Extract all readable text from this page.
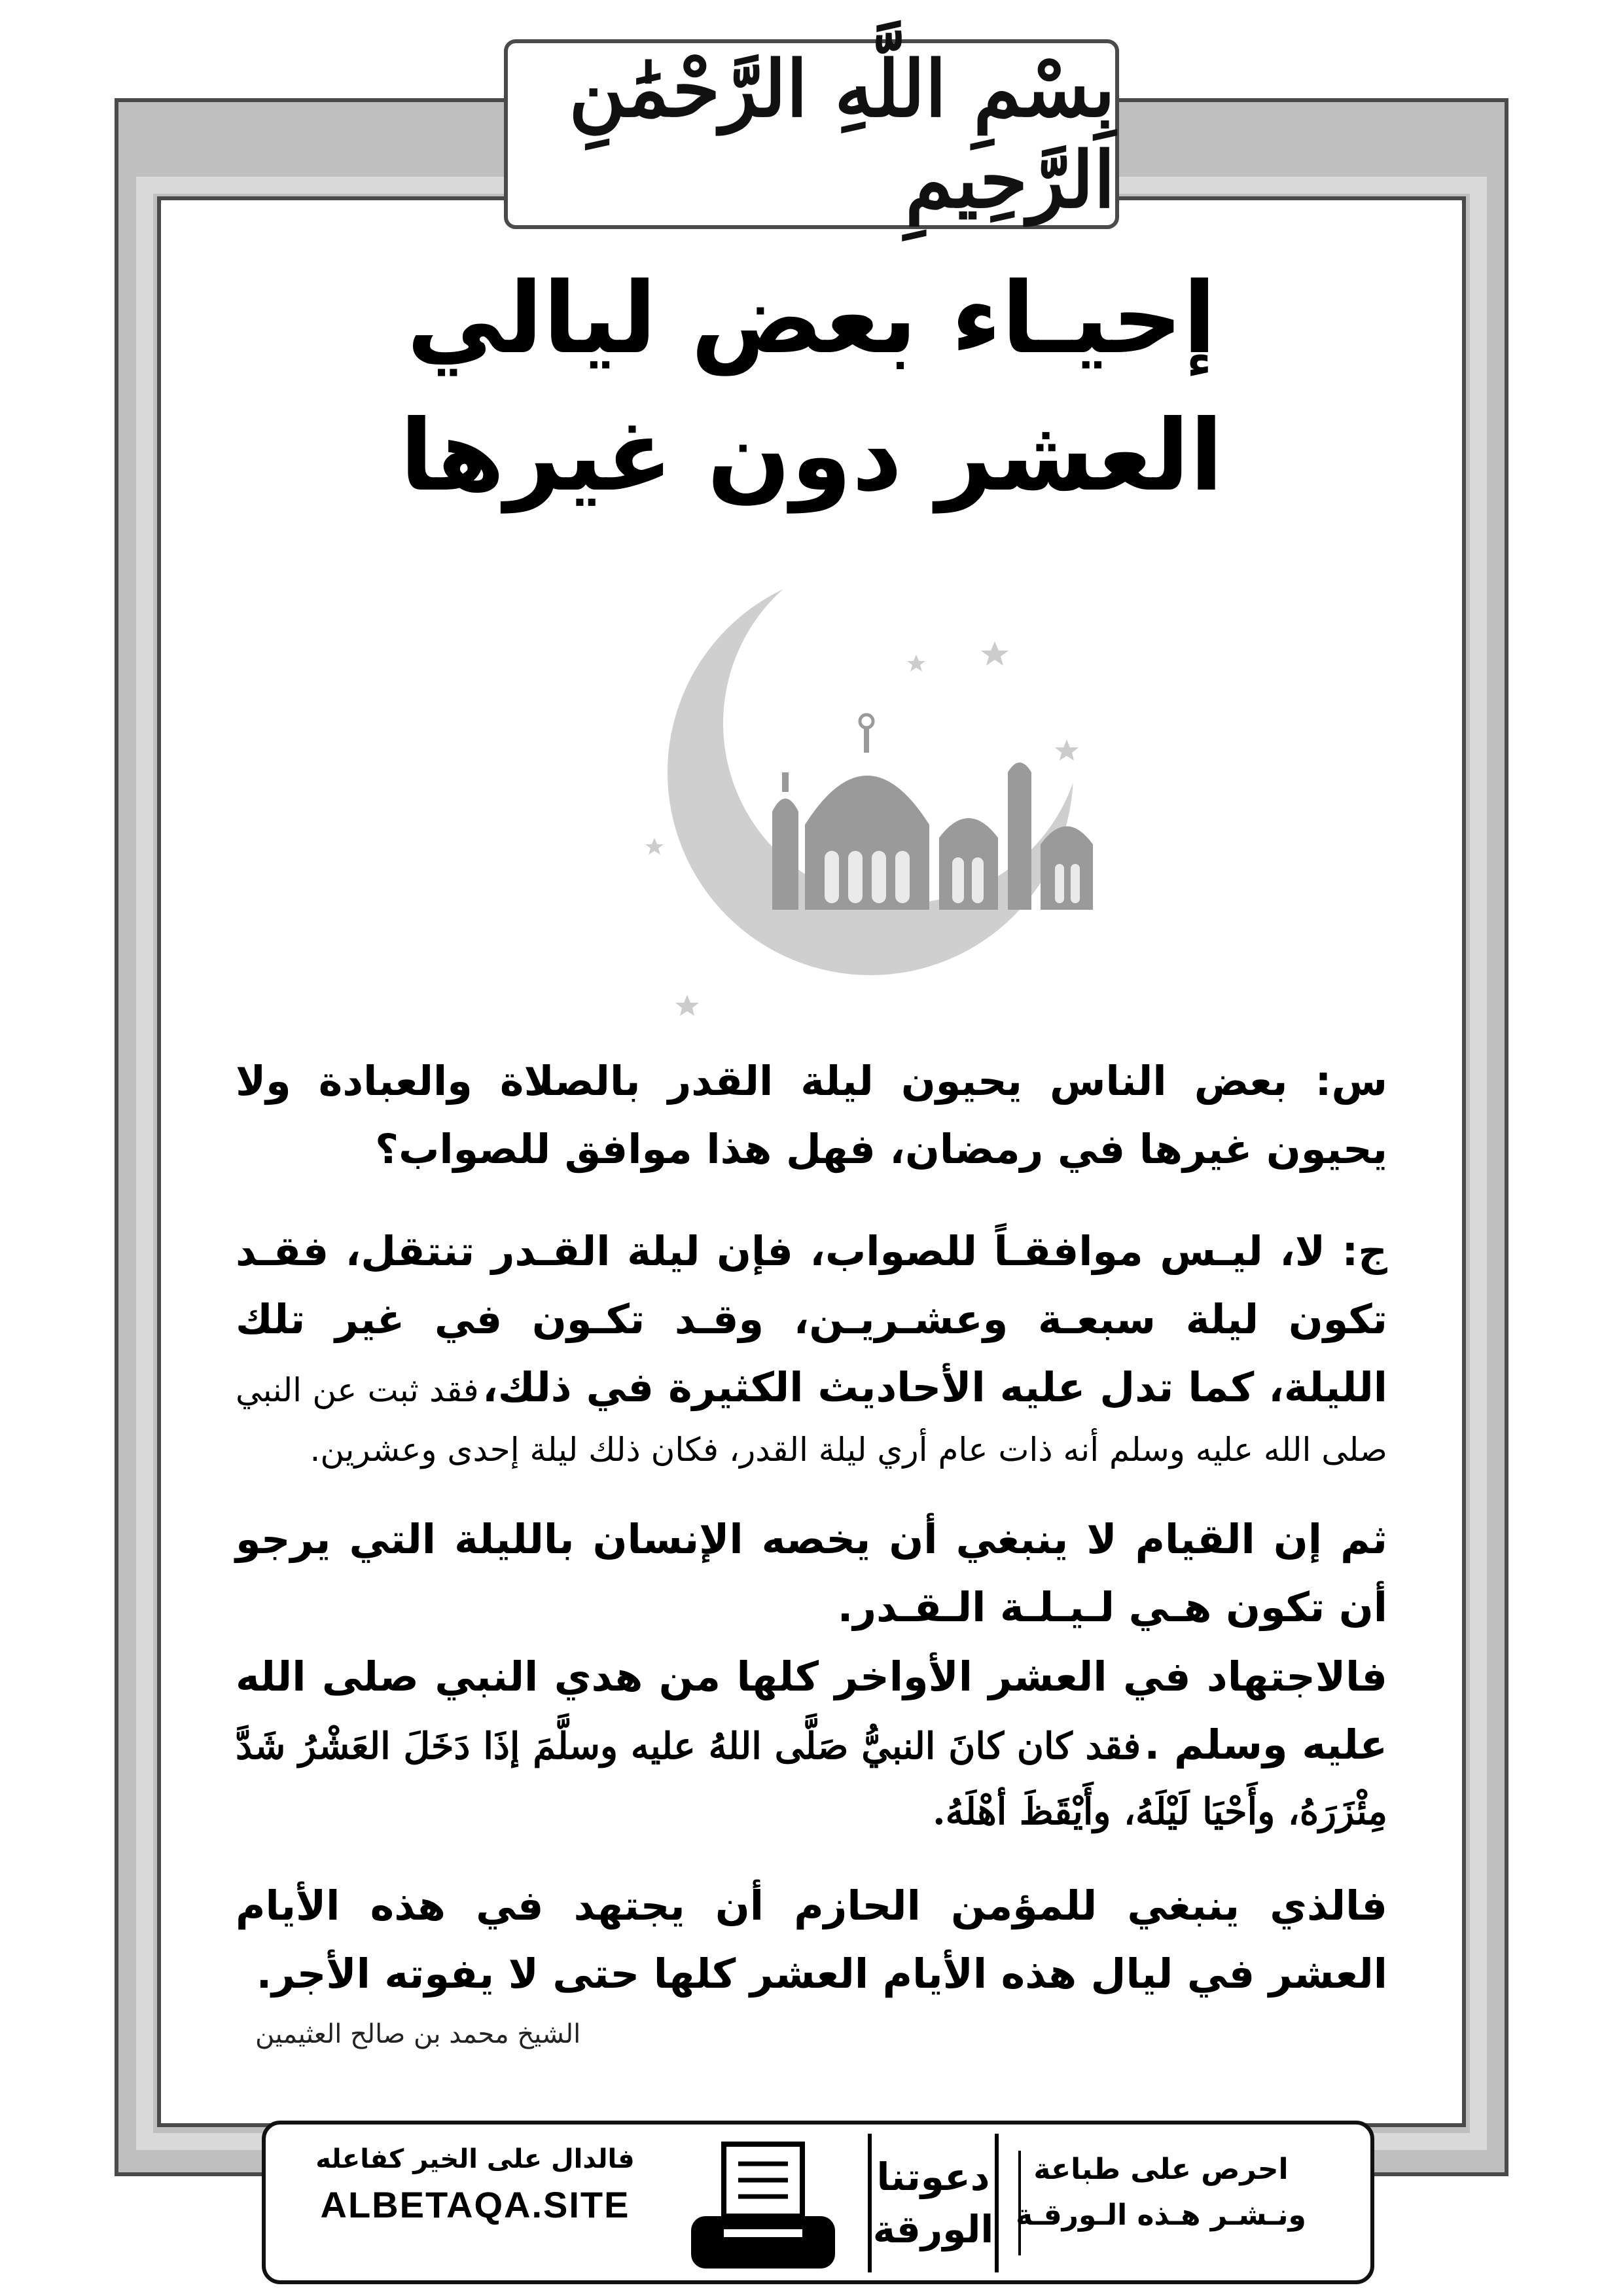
بِسْمِ اللَّهِ الرَّحْمَٰنِ الرَّحِيمِ
إحيـاء بعض ليالي
العشر دون غيرها
س: بعض الناس يحيون ليلة القدر بالصلاة والعبادة ولا يحيون غيرها في رمضان، فهل هذا موافق للصواب؟
ج: لا، ليـس موافقـاً للصواب، فإن ليلة القـدر تنتقل، فقـد تكون ليلة سبعـة وعشـريـن، وقـد تكـون في غير تلك الليلة، كما تدل عليه الأحاديث الكثيرة في ذلك، فقد ثبت عن النبي صلى الله عليه وسلم أنه ذات عام أري ليلة القدر، فكان ذلك ليلة إحدى وعشرين.
ثم إن القيام لا ينبغي أن يخصه الإنسان بالليلة التي يرجو أن تكون هـي لـيـلـة الـقـدر.
فالاجتهاد في العشر الأواخر كلها من هدي النبي صلى الله عليه وسلم . فقد كان كانَ النبيُّ صَلَّى اللهُ عليه وسلَّمَ إذَا دَخَلَ العَشْرُ شَدَّ مِئْزَرَهُ، وأَحْيَا لَيْلَهُ، وأَيْقَظَ أهْلَهُ.
فالذي ينبغي للمؤمن الحازم أن يجتهد في هذه الأيام العشر في ليال هذه الأيام العشر كلها حتى لا يفوته الأجر.
الشيخ محمد بن صالح العثيمين
فالدال على الخير كفاعله
ALBETAQA.SITE
دعوتنا
الورقة
احرص على طباعة
ونـشـر هـذه الـورقـة
